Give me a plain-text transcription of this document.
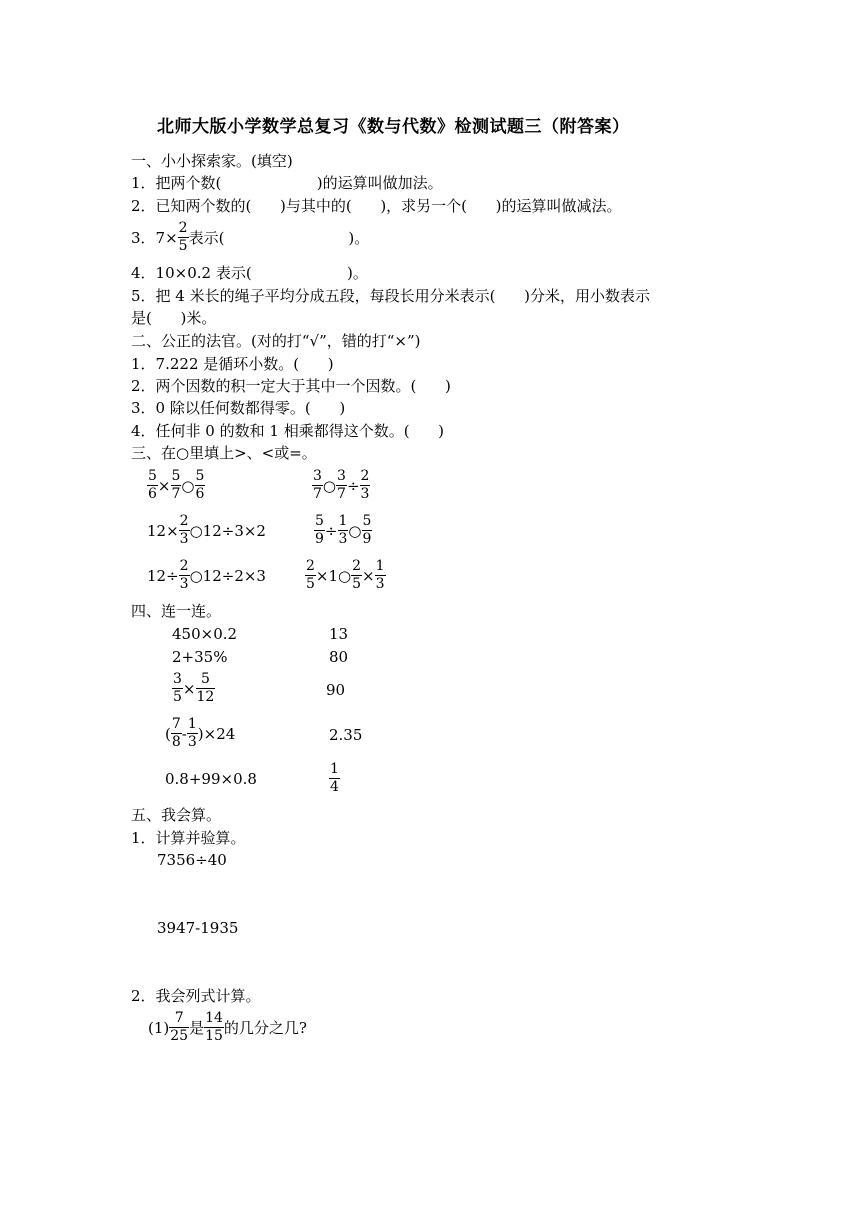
北师大版小学数学总复习《数与代数》检测试题三（附答案）
一、小小探索家。(填空)
1．把两个数(                    )的运算叫做加法。
2．已知两个数的(      )与其中的(      )，求另一个(      )的运算叫做减法。
3．$7\times \frac{2}{5}$ 表示(                          )。
4．10×0.2 表示(                    )。
5．把 4 米长的绳子平均分成五段，每段长用分米表示(      )分米，用小数表示
是(      )米。
二、公正的法官。(对的打“√”，错的打“×”)
1．7.222 是循环小数。(      )
2．两个因数的积一定大于其中一个因数。(      )
3．0 除以任何数都得零。(      )
4．任何非 0 的数和 1 相乘都得这个数。(      )
三、在○里填上>、<或=。
$\frac{5}{6} \times \frac{5}{7}$ ○ $\frac{5}{6}$	$\frac{3}{7}$ ○ $\frac{3}{7} \div \frac{2}{3}$
$12\times \frac{2}{3}$ ○12÷3×2	$\frac{5}{9} \div \frac{1}{3}$ ○ $\frac{5}{9}$
$12\div \frac{2}{3}$ ○12÷2×3	$\frac{2}{5}$ ×1○ $\frac{2}{5} \times \frac{1}{3}$
四、连一连。
450×0.2
2+35%
$\frac{3}{5} \times \frac{5}{12}$
( $\frac{7}{8} - \frac{1}{3} )\times 24$
0.8+99×0.8
13
80
90
2.35
$\frac{1}{4}$
五、我会算。
1．计算并验算。
7356÷40
3947-1935
2．我会列式计算。
$(1) \frac{7}{25}$ 是 $\frac{14}{15}$ 的几分之几?
